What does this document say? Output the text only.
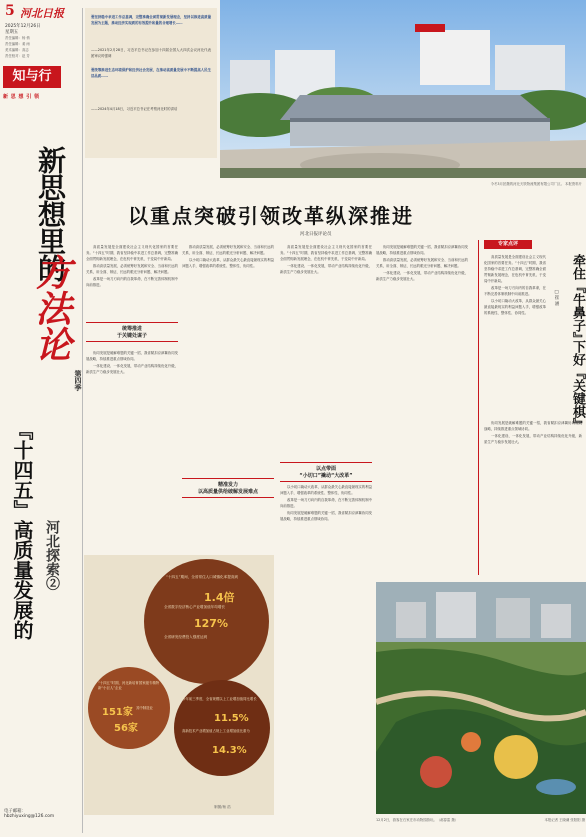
5 河北日报
2025年12月26日
星期五
责任编辑：杨 侑
责任编辑：姜 雨
美术编辑：高志
责任校对：赵 芳
知与行
新 思 想 引 领
要坚持稳中求进工作总基调，完整准确全面贯彻新发展理念，坚持以推进高质量发展为主题，推动经济实现质的有效提升和量的合理增长……
——2021年2月28日，习近平总书记在参加十四届全国人大四次会议河北代表团审议时强调
要统筹推进生态环境保护和经济社会发展，在推动高质量发展中不断提高人民生活品质……
——2024年4月18日，习近平总书记在考察河北时的讲话
今冬3月拍摄的河北天铁物流集团有限公司厂区。 本报资料片
以重点突破引领改革纵深推进
河北日报评论员
新思想里的
方法论
第四季
『十四五』高质量发展的 河北探索②
电子邮箱：
hbzhiyuxing@126.com

高质量发展是全面建设社会主义现代化国家的首要任务。“十四五”时期，我省坚持稳中求进工作总基调，完整准确全面贯彻新发展理念，在危机中育先机、于变局中开新局。

推动高质量发展，必须统筹好发展和安全、当前和长远的关系，用全面、辩证、长远的眼光分析问题、解决问题。

改革是一场刀刃向内的自我革命，在不断完善体制机制中向前推进。

统筹推进
于关键处谋子

协同发展是破解难题的关键一招，我省紧扣京津冀协同发展战略，持续推进重点领域协同。

一体化建设、一体化发展，带动产业结构持续优化升级，新质生产力稳步发展壮大。

推动高质量发展，必须统筹好发展和安全、当前和长远的关系，用全面、辩证、长远的眼光分析问题、解决问题。

以小切口撬动大改革，从群众最关心最直接最现实的利益问题入手，增强改革的系统性、整体性、协同性。

精准发力
以高质量供给破解发展难点
“十四五”期间，全省常住人口城镇化率提高到
1.4倍
全省数字经济核心产业增加值年均增长
127%
全省研发经费投入强度达到
“十四五”时期，河北新培育国家级专精特新“小巨人”企业
151家 其中制造业
56家
今年前三季度，全省规模以上工业增加值同比增长
11.5%
高新技术产业增加值占规上工业增加值比重为
14.3%
制图/杨 浩

高质量发展是全面建设社会主义现代化国家的首要任务。“十四五”时期，我省坚持稳中求进工作总基调，完整准确全面贯彻新发展理念，在危机中育先机、于变局中开新局。

一体化建设、一体化发展，带动产业结构持续优化升级，新质生产力稳步发展壮大。

以点带面
“小切口”撬动“大改革”

以小切口撬动大改革，从群众最关心最直接最现实的利益问题入手，增强改革的系统性、整体性、协同性。

改革是一场刀刃向内的自我革命，在不断完善体制机制中向前推进。

协同发展是破解难题的关键一招，我省紧扣京津冀协同发展战略，持续推进重点领域协同。

协同发展是破解难题的关键一招，我省紧扣京津冀协同发展战略，持续推进重点领域协同。

推动高质量发展，必须统筹好发展和安全、当前和长远的关系，用全面、辩证、长远的眼光分析问题、解决问题。

一体化建设、一体化发展，带动产业结构持续优化升级，新质生产力稳步发展壮大。

专家点评
牵住『牛鼻子』
下好『关键棋』
□崔 涵

高质量发展是全面建设社会主义现代化国家的首要任务。“十四五”时期，我省坚持稳中求进工作总基调，完整准确全面贯彻新发展理念，在危机中育先机、于变局中开新局。

改革是一场刀刃向内的自我革命，在不断完善体制机制中向前推进。

以小切口撬动大改革，从群众最关心最直接最现实的利益问题入手，增强改革的系统性、整体性、协同性。

协同发展是破解难题的关键一招，我省紧扣京津冀协同发展战略，持续推进重点领域协同。

一体化建设、一体化发展，带动产业结构持续优化升级，新质生产力稳步发展壮大。

12月2日，游客在石家庄市动物园游玩。（郝春雷 摄）	本报记者 王晓谦 张阳阳 摄
